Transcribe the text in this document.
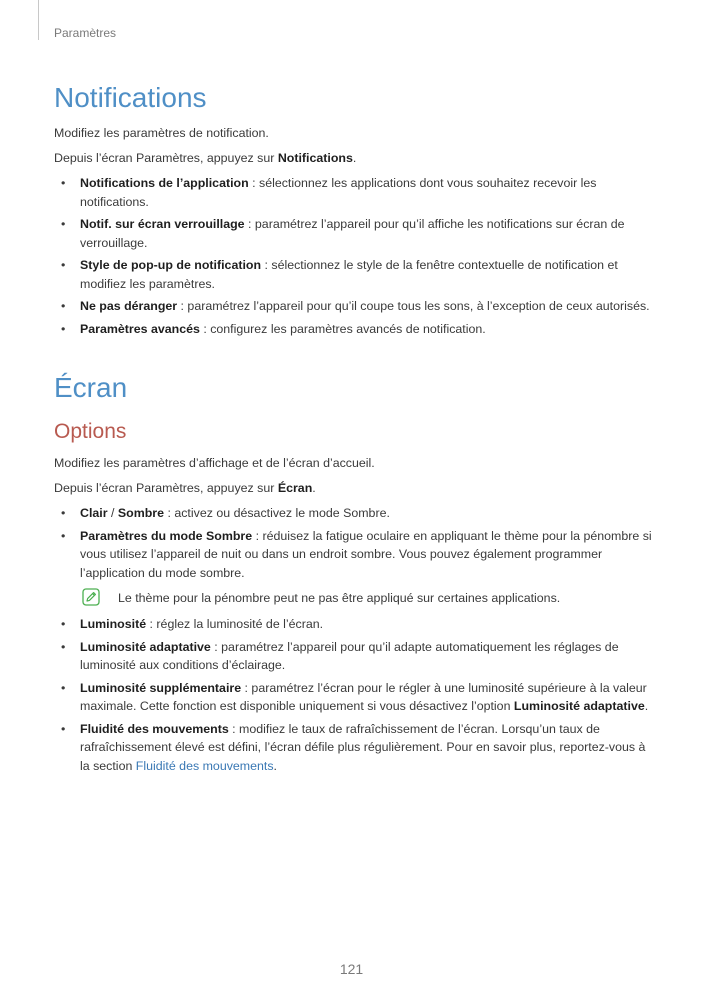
Paramètres
Notifications

Modifiez les paramètres de notification.

Depuis l’écran Paramètres, appuyez sur Notifications.

• Notifications de l’application : sélectionnez les applications dont vous souhaitez recevoir les notifications.
• Notif. sur écran verrouillage : paramétrez l’appareil pour qu’il affiche les notifications sur écran de verrouillage.
• Style de pop-up de notification : sélectionnez le style de la fenêtre contextuelle de notification et modifiez les paramètres.
• Ne pas déranger : paramétrez l’appareil pour qu’il coupe tous les sons, à l’exception de ceux autorisés.
• Paramètres avancés : configurez les paramètres avancés de notification.
Écran
Options

Modifiez les paramètres d’affichage et de l’écran d’accueil.

Depuis l’écran Paramètres, appuyez sur Écran.

• Clair / Sombre : activez ou désactivez le mode Sombre.
• Paramètres du mode Sombre : réduisez la fatigue oculaire en appliquant le thème pour la pénombre si vous utilisez l’appareil de nuit ou dans un endroit sombre. Vous pouvez également programmer l’application du mode sombre.
Le thème pour la pénombre peut ne pas être appliqué sur certaines applications.
• Luminosité : réglez la luminosité de l’écran.
• Luminosité adaptative : paramétrez l’appareil pour qu’il adapte automatiquement les réglages de luminosité aux conditions d’éclairage.
• Luminosité supplémentaire : paramétrez l’écran pour le régler à une luminosité supérieure à la valeur maximale. Cette fonction est disponible uniquement si vous désactivez l’option Luminosité adaptative.
• Fluidité des mouvements : modifiez le taux de rafraîchissement de l’écran. Lorsqu’un taux de rafraîchissement élevé est défini, l’écran défile plus régulièrement. Pour en savoir plus, reportez-vous à la section Fluidité des mouvements.
121
